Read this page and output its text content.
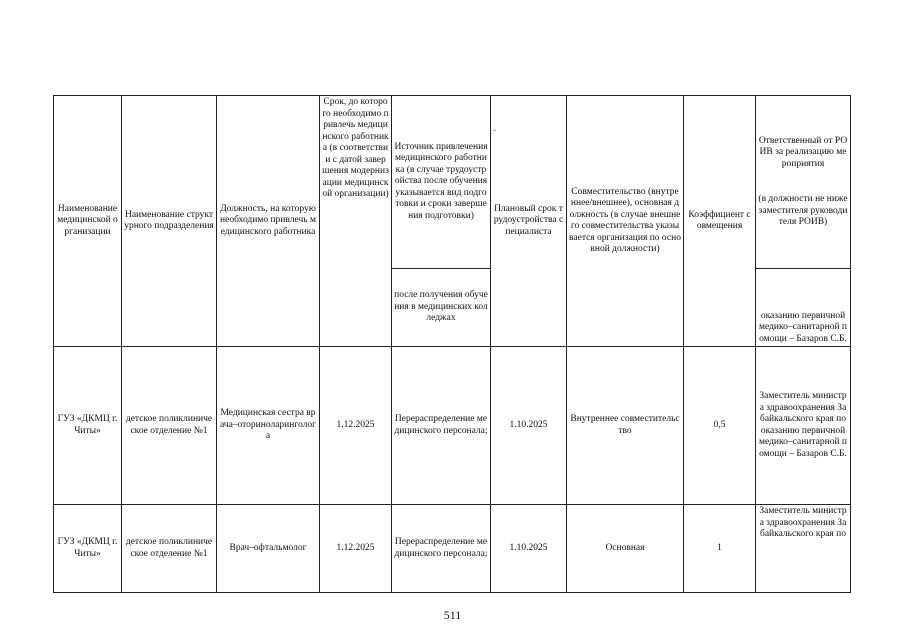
Наименование медицинской организации	Наименование структурного подразделения	Должность, на которую необходимо привлечь медицинского работника	Срок, до которого необходимо привлечь медицинского работника (в соответствии с датой завершения модернизации медицинской организации)	Источник привлечения медицинского работника (в случае трудоустройства после обучения указывается вид подготовки и сроки завершения подготовки)	Плановый срок трудоустройства специалиста	Совместительство (внутреннее/внешнее), основная должность (в случае внешнего совместительства указывается организация по основной должности)	Коэффициент совмещения	Ответственный от РОИВ за реализацию мероприятия
(в должности не ниже заместителя руководителя РОИВ)

				после получения обучения в медицинских колледжах				оказанию первичной медико–санитарной помощи – Базаров С.Б.
ГУЗ «ДКМЦ г. Читы»	детское поликлиническое отделение №1	Медицинская сестра врача–оториноларинголога	1.12.2025	Перераспределение медицинского персонала;	1.10.2025	Внутреннее совместительство	0,5	Заместитель министра здравоохранения Забайкальского края по оказанию первичной медико–санитарной помощи – Базаров С.Б.
ГУЗ «ДКМЦ г. Читы»	детское поликлиническое отделение №1	Врач–офтальмолог	1.12.2025	Перераспределение медицинского персонала;	1.10.2025	Основная	1	Заместитель министра здравоохранения Забайкальского края по
ˇ
511
